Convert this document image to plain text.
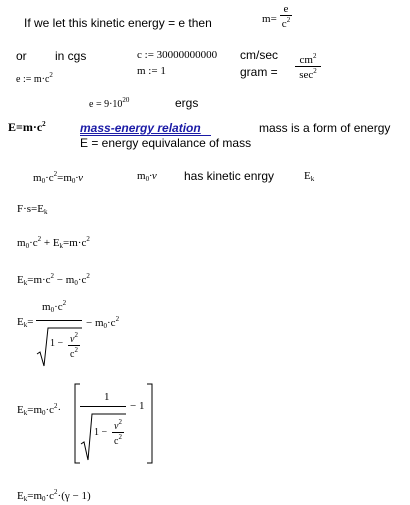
If we let this kinetic energy = e then	m=
e
$c^2$
or in cgs	c := 30000000000 cm/sec
m := 1	gram =
$cm^2$
$\sec^2$
e := $m\cdot c^2$
$e = 9\cdot 10^{20}$	ergs
$E=m\cdot c^2$	mass-energy relation	mass is a form of energy
E = energy equivalance of mass
$m_0\cdot c^2=m_0\cdot v$	$m_0\cdot v$ has kinetic enrgy	$E_k$
$F\cdot s=E_k$
$m_0\cdot c^2 + E_k=m\cdot c^2$
$E_k=m\cdot c^2 - m_0\cdot c^2$
$E_k=$
$m_0\cdot c^2$
$1 - v^2$
$c^2$
− $m_0\cdot c^2$
$E_k=m_0\cdot c^2\cdot$
1
1 −
$v^2$
$c^2$
− 1
$E_k=m_0\cdot c^2\cdot(\gamma - 1)$
